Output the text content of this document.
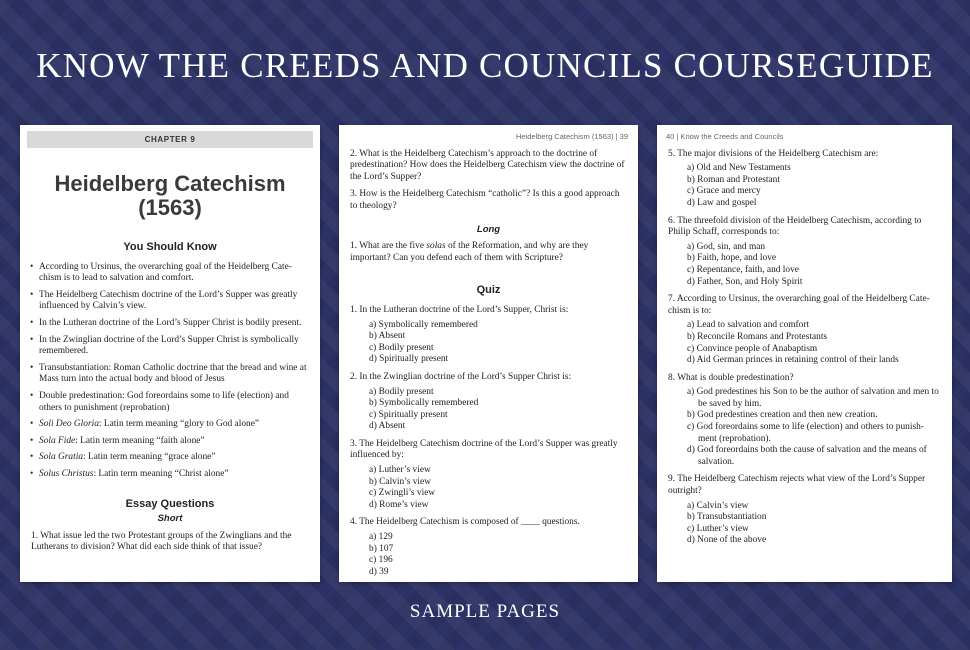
KNOW THE CREEDS AND COUNCILS COURSEGUIDE
CHAPTER 9
Heidelberg Catechism
(1563)
You Should Know
• According to Ursinus, the overarching goal of the Heidelberg Cate-chism is to lead to salvation and comfort.
• The Heidelberg Catechism doctrine of the Lord’s Supper was greatly influenced by Calvin’s view.
• In the Lutheran doctrine of the Lord’s Supper Christ is bodily present.
• In the Zwinglian doctrine of the Lord’s Supper Christ is symbolically remembered.
• Transubstantiation: Roman Catholic doctrine that the bread and wine at Mass turn into the actual body and blood of Jesus
• Double predestination: God foreordains some to life (election) and others to punishment (reprobation)
• Soli Deo Gloria: Latin term meaning “glory to God alone”
• Sola Fide: Latin term meaning “faith alone”
• Sola Gratia: Latin term meaning “grace alone”
• Solus Christus: Latin term meaning “Christ alone”
Essay Questions
Short
1. What issue led the two Protestant groups of the Zwinglians and the Lutherans to division? What did each side think of that issue?
Heidelberg Catechism (1563) | 39
2. What is the Heidelberg Catechism’s approach to the doctrine of predestination? How does the Heidelberg Catechism view the doctrine of the Lord’s Supper?
3. How is the Heidelberg Catechism “catholic”? Is this a good approach to theology?
Long
1. What are the five solas of the Reformation, and why are they important? Can you defend each of them with Scripture?
Quiz
1. In the Lutheran doctrine of the Lord’s Supper, Christ is:
a) Symbolically remembered
b) Absent
c) Bodily present
d) Spiritually present
2. In the Zwinglian doctrine of the Lord’s Supper Christ is:
a) Bodily present
b) Symbolically remembered
c) Spiritually present
d) Absent
3. The Heidelberg Catechism doctrine of the Lord’s Supper was greatly influenced by:
a) Luther’s view
b) Calvin’s view
c) Zwingli’s view
d) Rome’s view
4. The Heidelberg Catechism is composed of ____ questions.
a) 129
b) 107
c) 196
d) 39
40 | Know the Creeds and Councils
5. The major divisions of the Heidelberg Catechism are:
a) Old and New Testaments
b) Roman and Protestant
c) Grace and mercy
d) Law and gospel
6. The threefold division of the Heidelberg Catechism, according to Philip Schaff, corresponds to:
a) God, sin, and man
b) Faith, hope, and love
c) Repentance, faith, and love
d) Father, Son, and Holy Spirit
7. According to Ursinus, the overarching goal of the Heidelberg Cate-chism is to:
a) Lead to salvation and comfort
b) Reconcile Romans and Protestants
c) Convince people of Anabaptism
d) Aid German princes in retaining control of their lands
8. What is double predestination?
a) God predestines his Son to be the author of salvation and men to be saved by him.
b) God predestines creation and then new creation.
c) God foreordains some to life (election) and others to punish-ment (reprobation).
d) God foreordains both the cause of salvation and the means of salvation.
9. The Heidelberg Catechism rejects what view of the Lord’s Supper outright?
a) Calvin’s view
b) Transubstantiation
c) Luther’s view
d) None of the above
SAMPLE PAGES
